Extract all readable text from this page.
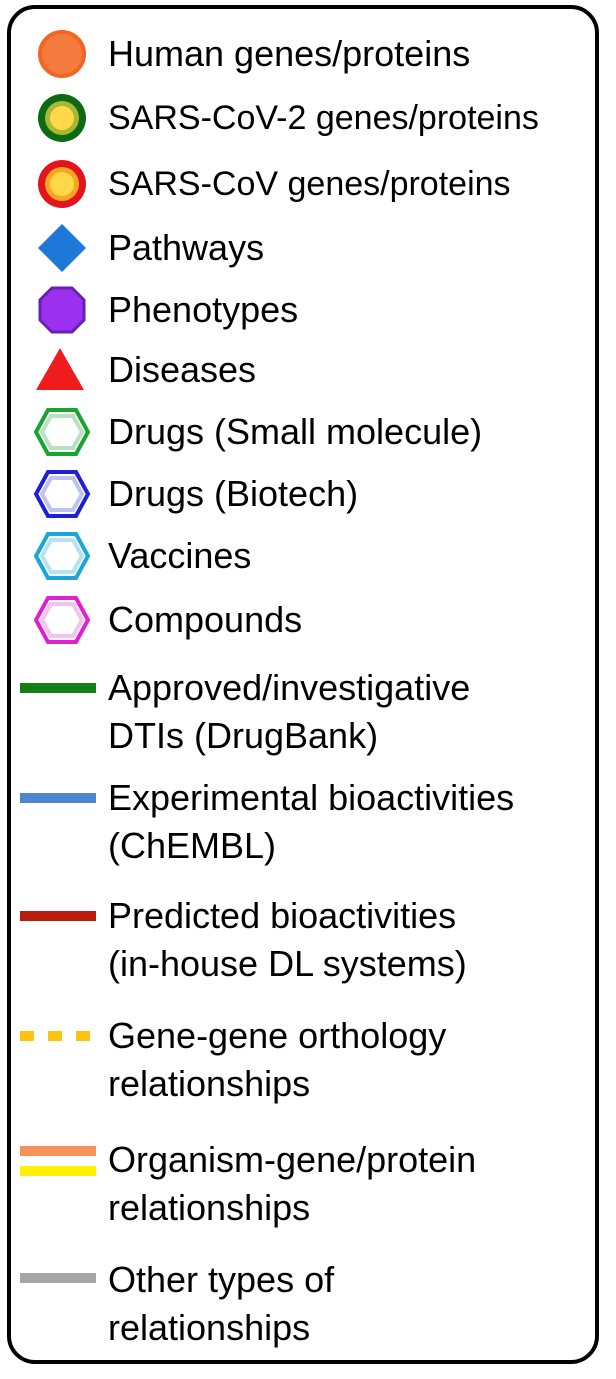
Human genes/proteins
SARS-CoV-2 genes/proteins
SARS-CoV genes/proteins
Pathways
Phenotypes
Diseases
Drugs (Small molecule)
Drugs (Biotech)
Vaccines
Compounds
Approved/investigative
DTIs (DrugBank)
Experimental bioactivities
(ChEMBL)
Predicted bioactivities
(in-house DL systems)
Gene-gene orthology
relationships
Organism-gene/protein
relationships
Other types of
relationships
